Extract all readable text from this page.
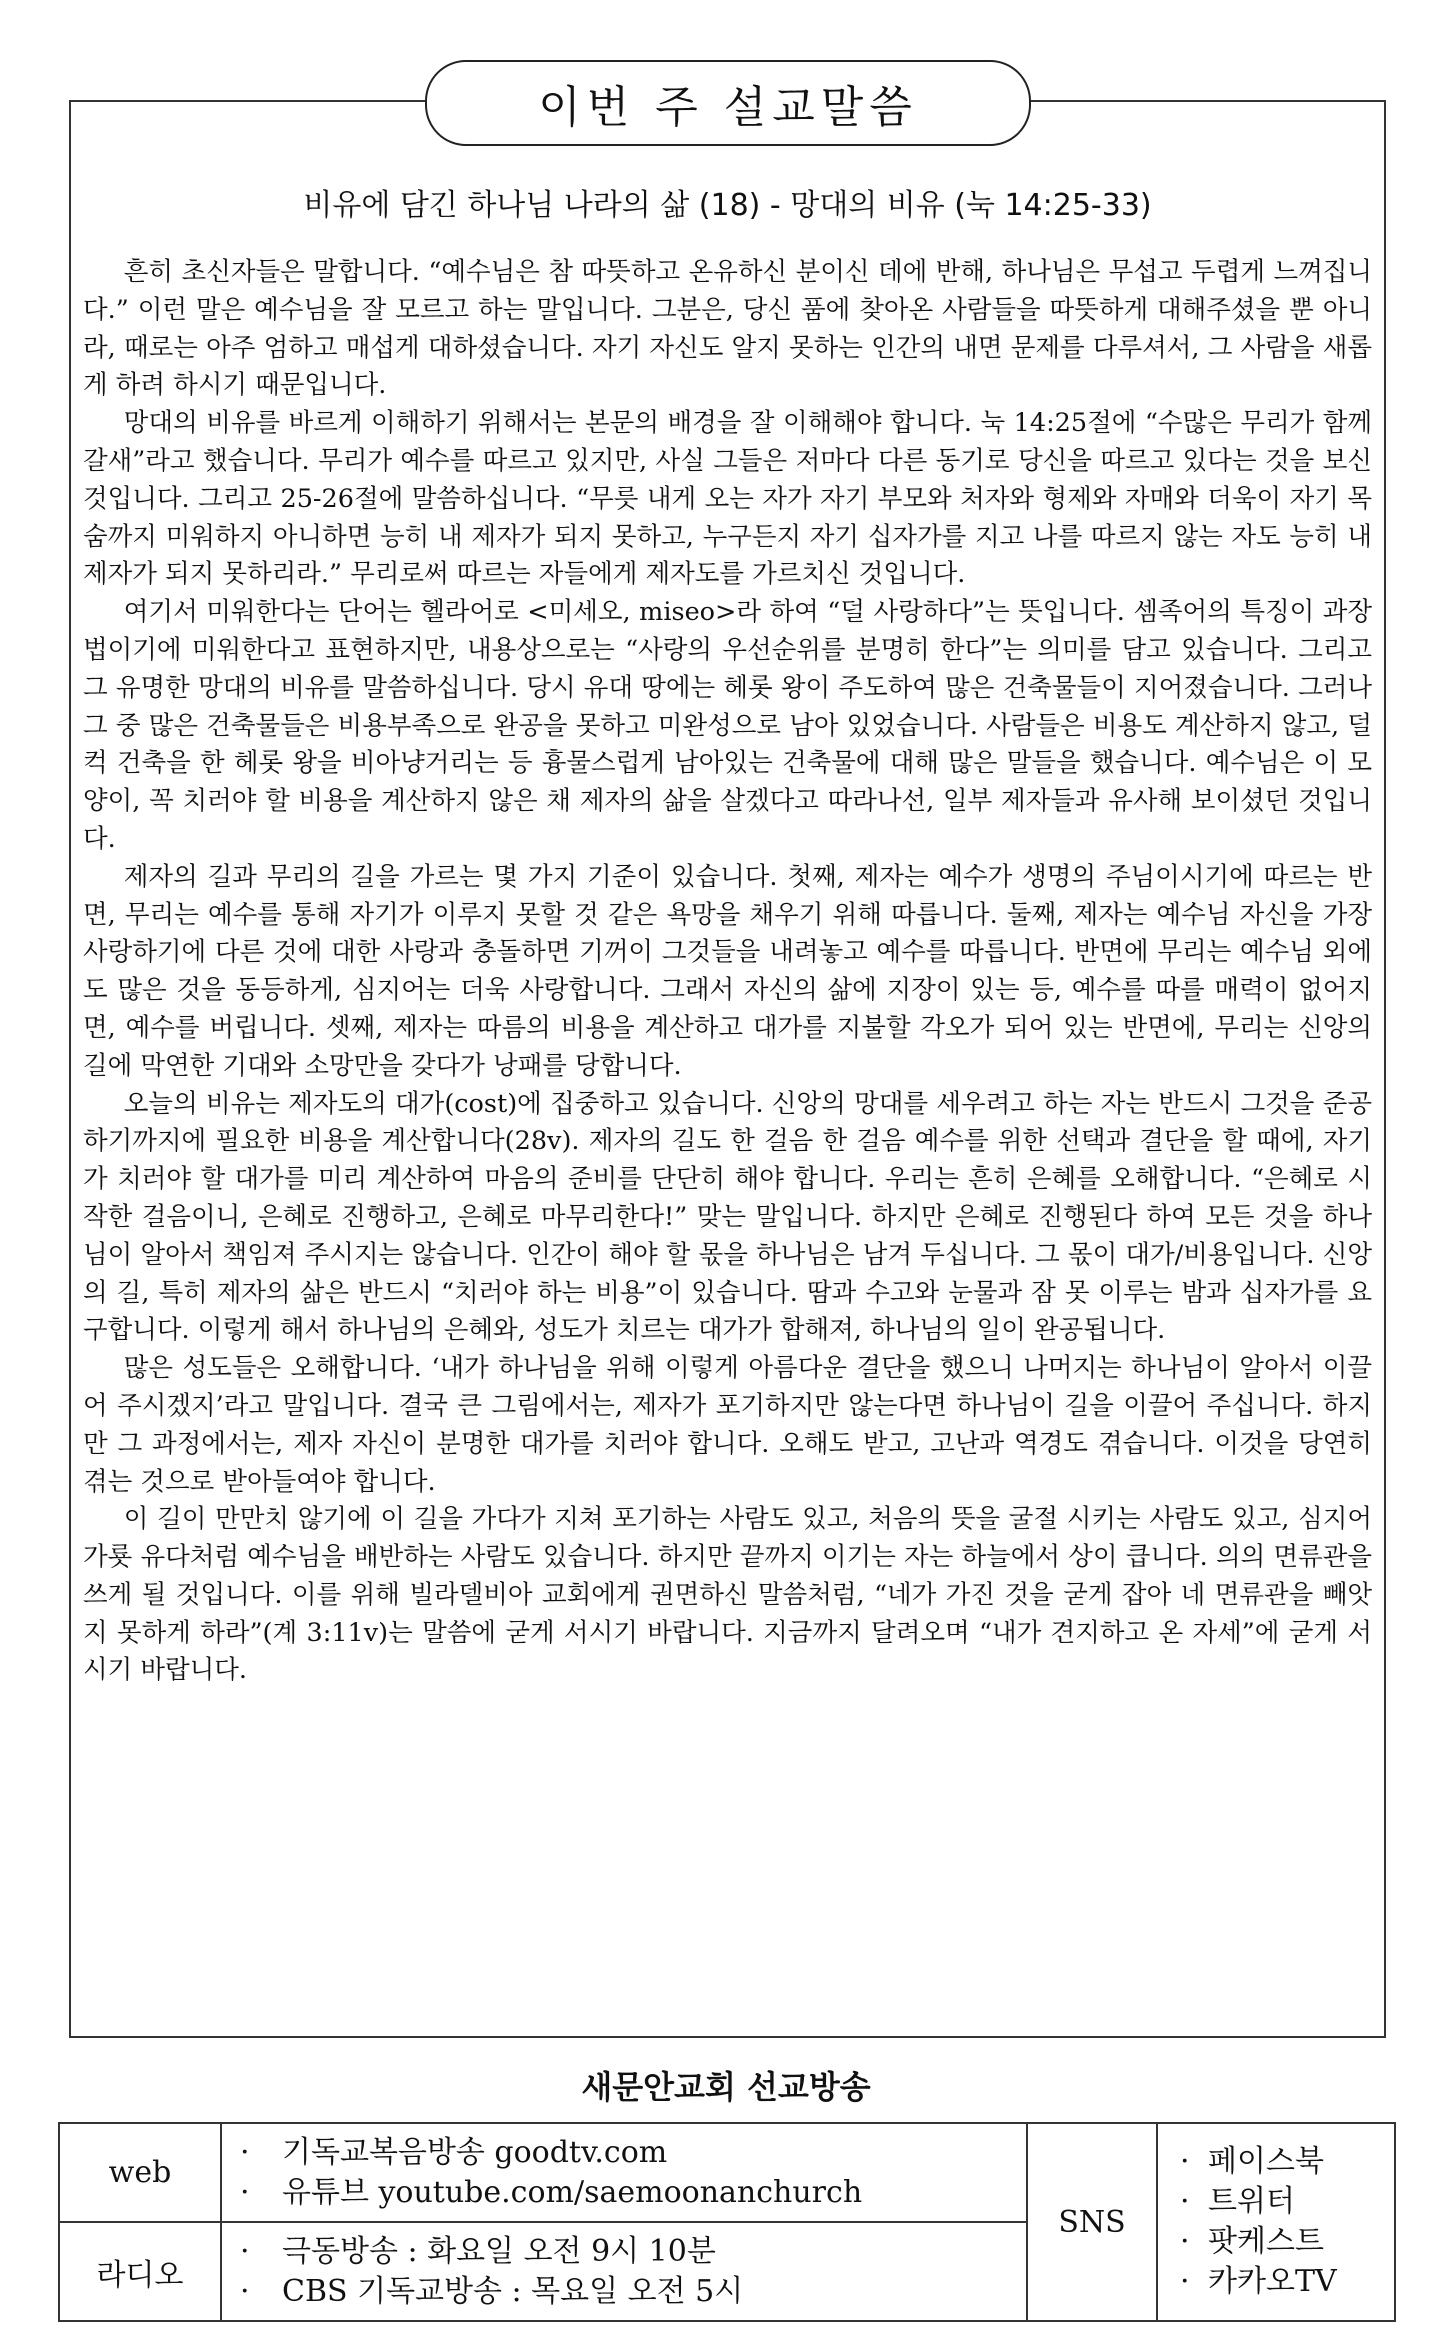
이번 주 설교말씀
비유에 담긴 하나님 나라의 삶 (18) - 망대의 비유 (눅 14:25-33)

흔히 초신자들은 말합니다. “예수님은 참 따뜻하고 온유하신 분이신 데에 반해, 하나님은 무섭고 두렵게 느껴집니다.” 이런 말은 예수님을 잘 모르고 하는 말입니다. 그분은, 당신 품에 찾아온 사람들을 따뜻하게 대해주셨을 뿐 아니라, 때로는 아주 엄하고 매섭게 대하셨습니다. 자기 자신도 알지 못하는 인간의 내면 문제를 다루셔서, 그 사람을 새롭게 하려 하시기 때문입니다.

망대의 비유를 바르게 이해하기 위해서는 본문의 배경을 잘 이해해야 합니다. 눅 14:25절에 “수많은 무리가 함께 갈새”라고 했습니다. 무리가 예수를 따르고 있지만, 사실 그들은 저마다 다른 동기로 당신을 따르고 있다는 것을 보신 것입니다. 그리고 25-26절에 말씀하십니다. “무릇 내게 오는 자가 자기 부모와 처자와 형제와 자매와 더욱이 자기 목숨까지 미워하지 아니하면 능히 내 제자가 되지 못하고, 누구든지 자기 십자가를 지고 나를 따르지 않는 자도 능히 내 제자가 되지 못하리라.” 무리로써 따르는 자들에게 제자도를 가르치신 것입니다.

여기서 미워한다는 단어는 헬라어로 <미세오, miseo>라 하여 “덜 사랑하다”는 뜻입니다. 셈족어의 특징이 과장법이기에 미워한다고 표현하지만, 내용상으로는 “사랑의 우선순위를 분명히 한다”는 의미를 담고 있습니다. 그리고 그 유명한 망대의 비유를 말씀하십니다. 당시 유대 땅에는 헤롯 왕이 주도하여 많은 건축물들이 지어졌습니다. 그러나 그 중 많은 건축물들은 비용부족으로 완공을 못하고 미완성으로 남아 있었습니다. 사람들은 비용도 계산하지 않고, 덜컥 건축을 한 헤롯 왕을 비아냥거리는 등 흉물스럽게 남아있는 건축물에 대해 많은 말들을 했습니다. 예수님은 이 모양이, 꼭 치러야 할 비용을 계산하지 않은 채 제자의 삶을 살겠다고 따라나선, 일부 제자들과 유사해 보이셨던 것입니다.

제자의 길과 무리의 길을 가르는 몇 가지 기준이 있습니다. 첫째, 제자는 예수가 생명의 주님이시기에 따르는 반면, 무리는 예수를 통해 자기가 이루지 못할 것 같은 욕망을 채우기 위해 따릅니다. 둘째, 제자는 예수님 자신을 가장 사랑하기에 다른 것에 대한 사랑과 충돌하면 기꺼이 그것들을 내려놓고 예수를 따릅니다. 반면에 무리는 예수님 외에도 많은 것을 동등하게, 심지어는 더욱 사랑합니다. 그래서 자신의 삶에 지장이 있는 등, 예수를 따를 매력이 없어지면, 예수를 버립니다. 셋째, 제자는 따름의 비용을 계산하고 대가를 지불할 각오가 되어 있는 반면에, 무리는 신앙의 길에 막연한 기대와 소망만을 갖다가 낭패를 당합니다.

오늘의 비유는 제자도의 대가(cost)에 집중하고 있습니다. 신앙의 망대를 세우려고 하는 자는 반드시 그것을 준공하기까지에 필요한 비용을 계산합니다(28v). 제자의 길도 한 걸음 한 걸음 예수를 위한 선택과 결단을 할 때에, 자기가 치러야 할 대가를 미리 계산하여 마음의 준비를 단단히 해야 합니다. 우리는 흔히 은혜를 오해합니다. “은혜로 시작한 걸음이니, 은혜로 진행하고, 은혜로 마무리한다!” 맞는 말입니다. 하지만 은혜로 진행된다 하여 모든 것을 하나님이 알아서 책임져 주시지는 않습니다. 인간이 해야 할 몫을 하나님은 남겨 두십니다. 그 몫이 대가/비용입니다. 신앙의 길, 특히 제자의 삶은 반드시 “치러야 하는 비용”이 있습니다. 땀과 수고와 눈물과 잠 못 이루는 밤과 십자가를 요구합니다. 이렇게 해서 하나님의 은혜와, 성도가 치르는 대가가 합해져, 하나님의 일이 완공됩니다.

많은 성도들은 오해합니다. ‘내가 하나님을 위해 이렇게 아름다운 결단을 했으니 나머지는 하나님이 알아서 이끌어 주시겠지’라고 말입니다. 결국 큰 그림에서는, 제자가 포기하지만 않는다면 하나님이 길을 이끌어 주십니다. 하지만 그 과정에서는, 제자 자신이 분명한 대가를 치러야 합니다. 오해도 받고, 고난과 역경도 겪습니다. 이것을 당연히 겪는 것으로 받아들여야 합니다.

이 길이 만만치 않기에 이 길을 가다가 지쳐 포기하는 사람도 있고, 처음의 뜻을 굴절 시키는 사람도 있고, 심지어 가룟 유다처럼 예수님을 배반하는 사람도 있습니다. 하지만 끝까지 이기는 자는 하늘에서 상이 큽니다. 의의 면류관을 쓰게 될 것입니다. 이를 위해 빌라델비아 교회에게 권면하신 말씀처럼, “네가 가진 것을 굳게 잡아 네 면류관을 빼앗지 못하게 하라”(계 3:11v)는 말씀에 굳게 서시기 바랍니다. 지금까지 달려오며 “내가 견지하고 온 자세”에 굳게 서시기 바랍니다.

새문안교회 선교방송
web	· 기독교복음방송 goodtv.com
· 유튜브 youtube.com/saemoonanchurch	SNS	· 페이스북
· 트위터
· 팟케스트
· 카카오TV

라디오	· 극동방송 : 화요일 오전 9시 10분
· CBS 기독교방송 : 목요일 오전 5시		
